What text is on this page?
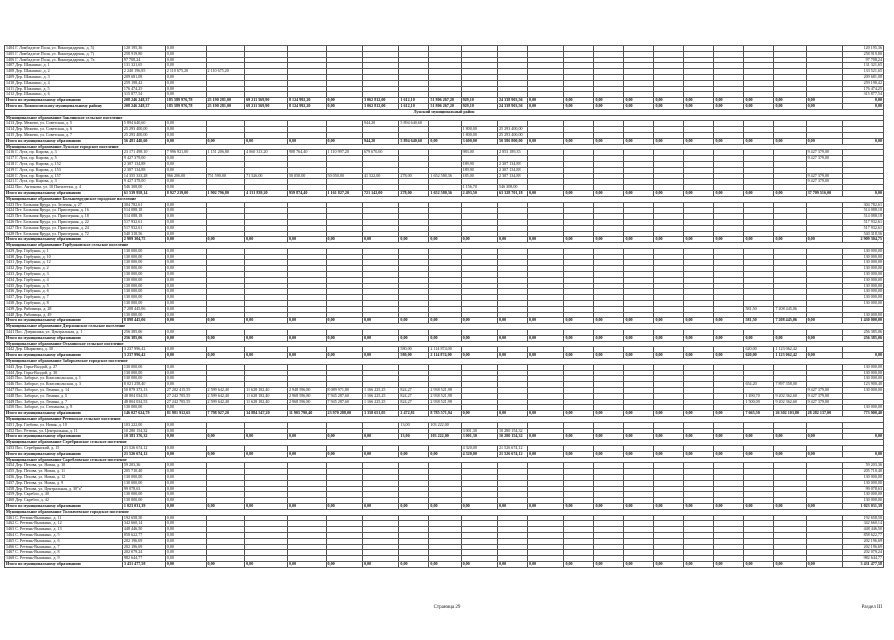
1404 Г. Ломбадзеле Поля, ул. Виноградарчик, д. 5)	120 195,36	0,00																				120 195,36
1405 Г. Ломбадзеле Поля, ул. Виноградарчик, д. 7)	258 919,80	0,00																				258 919,80
1406 Г. Ломбадзеле Поля, ул. Виноградарчик, д. 7а	97 708,24	0,00																				97 708,24
1407 Дер. Шакшино, д. 1	131 321,65	0,00																				131 321,65
1408 Дер. Шакшино, д. 2	2 240 196,85	2 110 675,20	2 110 675,20																			133 521,65
1409 Дер. Шакшино, д. 3	209 681,08	0,00																				209 681,08
1410 Дер. Шакшино, д. 4	259 198,42	0,00																				259 198,42
1411 Дер. Шакшино, д. 5	176 474,25	0,00																				176 474,25
1412 Дер. Шакшино, д. 6	315 877,54	0,00																				315 877,54
Итого по муниципальному образованию	208 246 248,37	185 589 976,78	25 190 281,00	69 211 569,90	8 124 992,20	0,00	3 062 812,00	1 612,10	51 806 267,20	929,10	24 338 903,56	0,00	0,00	0,00	0,00	0,00	0,00	0,00	0,00	0,00	0,00	0,00
Итого по Ломоносовскому муниципальному району	208 246 248,37	185 589 976,78	25 190 281,00	69 211 569,90	8 124 992,20	0,00	3 062 812,00	1 612,10	51 806 267,20	929,10	24 338 903,56	0,00	0,00	0,00	0,00	0,00	0,00	0,00	0,00	0,00	0,00	0,00
Лужский муниципальный район																						
Муниципальное образование Заклинское сельское поселение																						
1413 Дер. Межево, ул. Советская, д. 5	5 894 640,60	0,00					944,20	5 894 640,60														
1414 Дер. Межево, ул. Советская, д. 6	25 293 400,00	0,00								1 800,00	25 293 400,00											
1415 Дер. Межево, ул. Советская, д. 7	25 293 400,00	0,00								1 800,00	25 293 400,00											
Итого по муниципальному образованию	56 481 440,60	0,00	0,00	0,00	0,00	0,00	944,20	5 894 640,60	0,00	3 600,00	50 586 800,00	0,00	0,00	0,00	0,00	0,00	0,00	0,00	0,00	0,00	0,00	0,00
Муниципальное образование Лужское городское поселение																						
1416 Г. Луга, пр. Кирова, д. 3	23 171 498,10	7 996 921,00	1 151 206,80	4 060 313,20	908 764,40	1 110 997,20	679 670,00			983,00	2 853 189,35										9 427 379,00	
1417 Г. Луга, пр. Кирова, д. 5	9 427 379,00	0,00																			9 427 379,00	
1418 Г. Луга, пр. Кирова, д. 152	2 307 134,88	0,00								189,90	2 307 134,88											
1419 Г. Луга, пр. Кирова, д. 153	2 307 134,88	0,00								189,90	2 307 134,88											
1420 Г. Луга, пр. Кирова, д. 157	14 355 333,28	966 206,00	751 590,00	71 526,00	50 050,00	50 050,00	41 522,00	278,00	1 652 580,36	185,00	2 307 134,88										9 427 379,00	
1421 Г. Луга, пр. Кирова, д. 3	9 427 379,00	0,00																			9 427 379,00	
1422 Пос. Антонова, ул. 10 Пятилетки, д. 4	546 308,00	0,00								1 156,70	546 308,00											
Итого по муниципальному образованию	61 539 958,14	8 927 219,00	1 902 796,80	4 131 839,20	959 874,40	1 161 827,20	721 142,00	278,00	1 652 580,36	2 493,50	63 328 701,18	0,00	0,00	0,00	0,00	0,00	0,00	0,00	0,00	0,00	37 709 516,00	0,00
Муниципальное образование Большевруднское городское поселение																						
1423 Пгт. Большая Вруда, ул. Зеленая, д. 27	304 782,61	0,00																				304 782,61
1424 Пгт. Большая Вруда, ул. Приозерная, д. 16	514 088,18	0,00																				514 088,18
1425 Пгт. Большая Вруда, ул. Приозерная, д. 18	514 088,18	0,00																				514 088,18
1426 Пгт. Большая Вруда, ул. Приозерная, д. 22	517 932,61	0,00																				517 932,61
1427 Пгт. Большая Вруда, ул. Приозерная, д. 24	517 932,61	0,00																				517 932,61
1428 Пгт. Большая Вруда, ул. Приозерная, д. 72	540 318,56	0,00																				540 318,56
Итого по муниципальному образованию	2 909 304,75	0,00	0,00	0,00	0,00	0,00	0,00	0,00	0,00	0,00	0,00	0,00	0,00	0,00	0,00	0,00	0,00	0,00	0,00	0,00	0,00	2 909 304,75
Муниципальное образование Горбунковское сельское поселение																						
1429 Дер. Горбунки, д. 1	130 000,00	0,00																				130 000,00
1430 Дер. Горбунки, д. 10	130 000,00	0,00																				130 000,00
1431 Дер. Горбунки, д. 12	130 000,00	0,00																				130 000,00
1432 Дер. Горбунки, д. 2	130 000,00	0,00																				130 000,00
1433 Дер. Горбунки, д. 3	130 000,00	0,00																				130 000,00
1434 Дер. Горбунки, д. 4	130 000,00	0,00																				130 000,00
1435 Дер. Горбунки, д. 5	130 000,00	0,00																				130 000,00
1436 Дер. Горбунки, д. 6	130 000,00	0,00																				130 000,00
1437 Дер. Горбунки, д. 7	130 000,00	0,00																				130 000,00
1438 Дер. Горбунки, д. 8	130 000,00	0,00																				130 000,00
1439 Дер. Рябовицы, д. 28	7 208 445,06	0,00																	581,50	7 208 445,06		
1440 Дер. Рябовицы, д. 49	130 000,00	0,00																				130 000,00
Итого по муниципальному образованию	8 898 445,06	0,00	0,00	0,00	0,00	0,00	0,00	0,00	0,00	0,00	0,00	0,00	0,00	0,00	0,00	0,00	0,00	0,00	581,50	7 208 445,06	0,00	1 430 000,00
Муниципальное образование Дзержинское сельское поселение																						
1441 Пос. Дзержинка, ул. Центральная, д. 1	256 385,06	0,00																				256 385,06
Итого по муниципальному образованию	256 385,06	0,00	0,00	0,00	0,00	0,00	0,00	0,00	0,00	0,00	0,00	0,00	0,00	0,00	0,00	0,00	0,00	0,00	0,00	0,00	0,00	256 385,06
Муниципальное образование Осьминское сельское поселение																						
1442 Дер. Шырковец, д. 30	3 237 996,42	0,00						580,00	2 114 874,00										620,00	1 123 062,42		
Итого по муниципальному образованию	3 237 996,42	0,00	0,00	0,00	0,00	0,00	0,00	580,00	2 114 874,00	0,00	0,00	0,00	0,00	0,00	0,00	0,00	0,00	0,00	620,00	1 123 062,42	0,00	0,00
Муниципальное образование Заборьевское городское поселение																						
1443 Дер. Горы-Валдай, д. 27	130 000,00	0,00																				130 000,00
1444 Дер. Горы-Валдай, д. 30	130 000,00	0,00																				130 000,00
1445 Пос. Заборье, ул. Комсомольская, д. 1	130 000,00	0,00																				130 000,00
1446 Пос. Заборье, ул. Комсомольская, д. 3	8 021 258,40	0,00																	654,20	7 897 358,00		123 900,40
1447 Пос. Заборье, ул. Ленина, д. 14	50 879 373,13	27 202 415,55	2 599 642,40	11 628 182,40	2 948 596,80	8 089 971,80	1 166 225,25	824,27	2 938 521,98												9 427 379,00	130 000,00
1448 Пос. Заборье, ул. Ленина, д. 5	48 804 034,53	27 242 705,55	2 599 642,40	11 628 182,40	2 968 596,80	7 945 287,60	1 166 225,25	824,27	2 938 521,98										1 490,70	9 202 362,60	9 427 379,00	
1449 Пос. Заборье, ул. Ленина, д. 7	48 804 034,53	27 242 705,55	2 599 642,40	11 628 182,40	2 968 596,80	7 945 287,60	1 166 225,25	824,27	2 938 521,98										1 500,00	9 202 362,60	9 427 379,00	
1450 Пос. Заборье, ул. Степанова, д. 8	130 000,00	0,00																				130 000,00
Итого по муниципальному образованию	146 027 624,79	81 981 912,65	7 798 927,20	34 884 547,20	11 905 790,40	23 970 288,00	3 358 651,05	2 472,81	8 785 571,94	0,00	0,00	0,00	0,00	0,00	0,00	0,00	0,00	0,00	7 665,50	26 302 103,80	28 282 137,00	773 900,40
Муниципальное образование Ретюнское сельское поселение																						
1451 Дер. Глебово, ул. Новая, д. 10	103 222,00	0,00						13,00	103 222,00													
1452 Пос. Ретюнь, ул. Центральная, д. 11	10 280 154,32	0,00								3 001,30	10 280 154,32											
Итого по муниципальному образованию	10 383 376,32	0,00	0,00	0,00	0,00	0,00	0,00	13,00	103 222,00	3 001,30	10 280 154,32	0,00	0,00	0,00	0,00	0,00	0,00	0,00	0,00	0,00	0,00	0,00
Муниципальное образование Серебрянское сельское поселение																						
1453 Пос. Серебрянский, д. 15	21 526 674,12	0,00								4 320,00	21 526 674,12											
Итого по муниципальному образованию	21 526 674,12	0,00	0,00	0,00	0,00	0,00	0,00	0,00	0,00	4 320,00	21 526 674,12	0,00	0,00	0,00	0,00	0,00	0,00	0,00	0,00	0,00	0,00	0,00
Муниципальное образование Скребловское сельское поселение																						
1454 Дер. Пехова, ул. Новая, д. 10	59 203,36	0,00																				59 203,36
1455 Дер. Пехова, ул. Новая, д. 11	205 710,40	0,00																				205 710,40
1456 Дер. Пехова, ул. Новая, д. 12	130 000,00	0,00																				130 000,00
1457 Дер. Пехова, ул. Новая, д. 9	130 000,00	0,00																				130 000,00
1458 Дер. Пехова, ул. Центральная, д. 30"а"	99 078,63	0,00																				99 078,63
1459 Дер. Скребло, д. 40	130 000,00	0,00																				130 000,00
1460 Дер. Скребло, д. 42	130 000,00	0,00																				130 000,00
Итого по муниципальному образованию	1 023 031,39	0,00	0,00	0,00	0,00	0,00	0,00	0,00	0,00	0,00	0,00	0,00	0,00	0,00	0,00	0,00	0,00	0,00	0,00	0,00	0,00	1 023 031,39
Муниципальное образование Толмачевское городское поселение																						
1461 С. Ретюнь-Вышкино, д. 11	192 658,50	0,00																				192 658,50
1462 С. Ретюнь-Вышкино, д. 12	342 660,14	0,00																				342 660,14
1463 С. Ретюнь-Вышкино, д. 13	448 446,50	0,00																				448 446,50
1464 С. Ретюнь-Вышкино, д. 5	858 622,77	0,00																				858 622,77
1465 С. Ретюнь-Вышкино, д. 6	202 196,69	0,00																				202 196,69
1466 С. Ретюнь-Вышкино, д. 7	202 196,69	0,00																				202 196,69
1467 С. Ретюнь-Вышкино, д. 8	202 079,24	0,00																				202 079,24
1468 С. Ретюнь-Вышкино, д. 9	982 644,77	0,00																				982 644,77
Итого по муниципальному образованию	3 431 477,58	0,00	0,00	0,00	0,00	0,00	0,00	0,00	0,00	0,00	0,00	0,00	0,00	0,00	0,00	0,00	0,00	0,00	0,00	0,00	0,00	3 431 477,58
Страница 29	Раздел III
